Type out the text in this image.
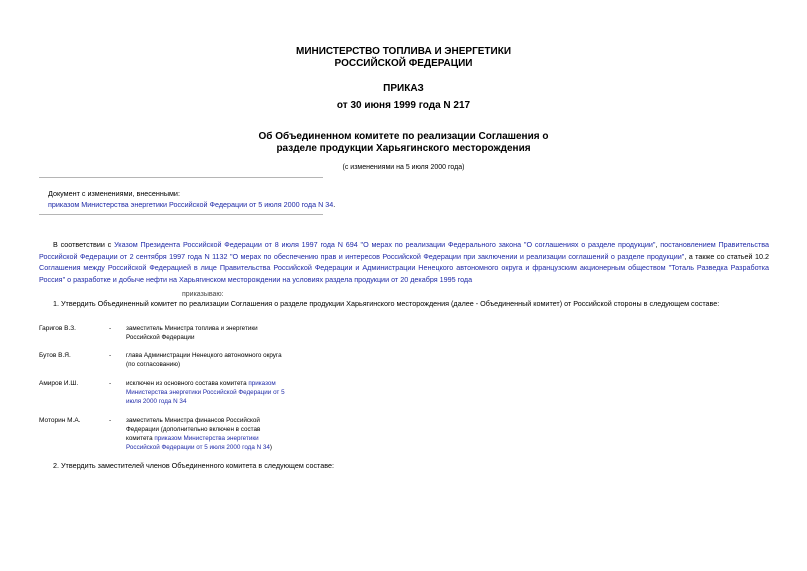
МИНИСТЕРСТВО ТОПЛИВА И ЭНЕРГЕТИКИ
РОССИЙСКОЙ ФЕДЕРАЦИИ
ПРИКАЗ
от 30 июня 1999 года N 217
Об Объединенном комитете по реализации Соглашения о
разделе продукции Харьягинского месторождения
(с изменениями на 5 июля 2000 года)
Документ с изменениями, внесенными:
приказом Министерства энергетики Российской Федерации от 5 июля 2000 года N 34.
В соответствии с Указом Президента Российской Федерации от 8 июля 1997 года N 694 "О мерах по реализации Федерального закона "О соглашениях о разделе продукции", постановлением Правительства Российской Федерации от 2 сентября 1997 года N 1132 "О мерах по обеспечению прав и интересов Российской Федерации при заключении и реализации соглашений о разделе продукции", а также со статьей 10.2 Соглашения между Российской Федерацией в лице Правительства Российской Федерации и Администрации Ненецкого автономного округа и французским акционерным обществом "Тоталь Разведка Разработка Россия" о разработке и добыче нефти на Харьягинском месторождении на условиях раздела продукции от 20 декабря 1995 года
приказываю:
1. Утвердить Объединенный комитет по реализации Соглашения о разделе продукции Харьягинского месторождения (далее - Объединенный комитет) от Российской стороны в следующем составе:
Гаригов В.З.	- заместитель Министра топлива и энергетики
Российской Федерации
Бутов В.Я.	- глава Администрации Ненецкого автономного округа
(по согласованию)
Амиров И.Ш.	- исключен из основного состава комитета приказом Министерства энергетики Российской Федерации от 5 июля 2000 года N 34
Моторин М.А.	- заместитель Министра финансов Российской Федерации (дополнительно включен в состав комитета приказом Министерства энергетики Российской Федерации от 5 июля 2000 года N 34)
2. Утвердить заместителей членов Объединенного комитета в следующем составе:
